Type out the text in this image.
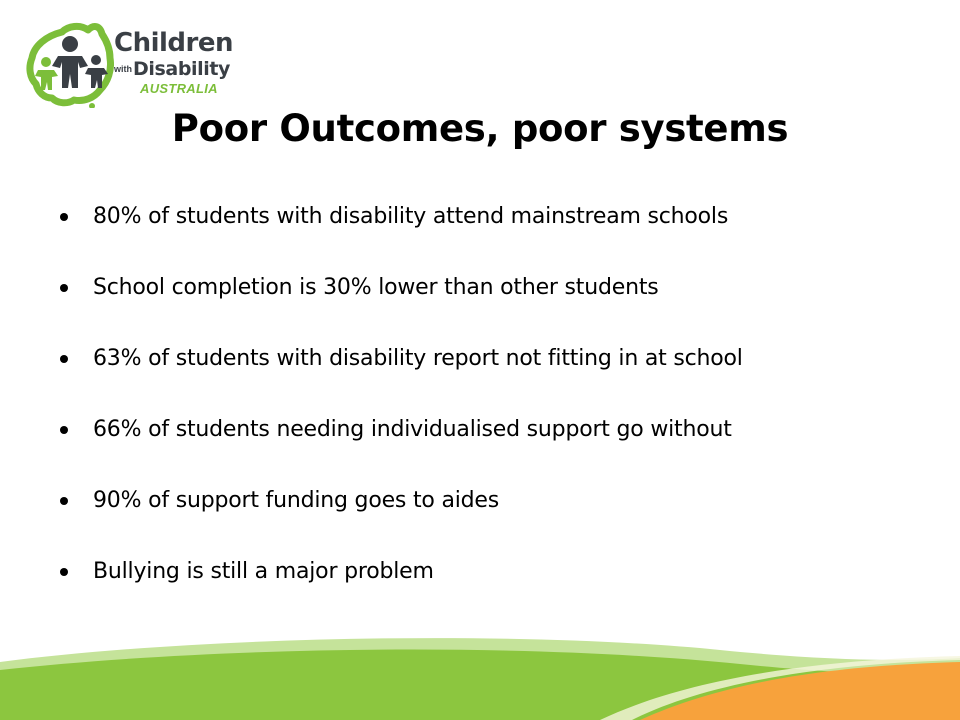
Children
withDisability
AUSTRALIA
Poor Outcomes, poor systems
80% of students with disability attend mainstream schools
School completion is 30% lower than other students
63% of students with disability report not fitting in at school
66% of students needing individualised support go without
90% of support funding goes to aides
Bullying is still a major problem
